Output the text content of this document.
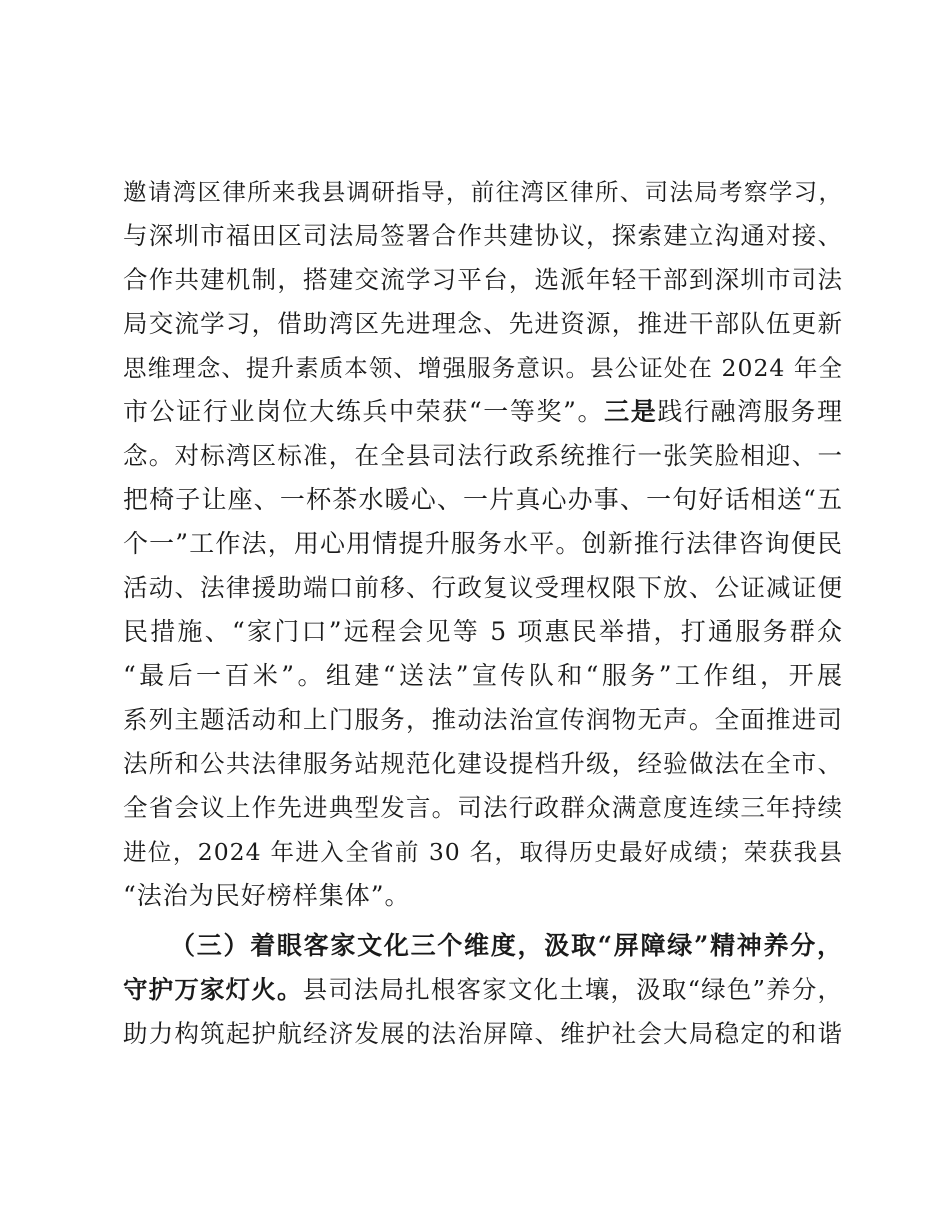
邀请湾区律所来我县调研指导，前往湾区律所、司法局考察学习，
与深圳市福田区司法局签署合作共建协议，探索建立沟通对接、
合作共建机制，搭建交流学习平台，选派年轻干部到深圳市司法
局交流学习，借助湾区先进理念、先进资源，推进干部队伍更新
思维理念、提升素质本领、增强服务意识。县公证处在 2024 年全
市公证行业岗位大练兵中荣获“一等奖”。三是践行融湾服务理
念。对标湾区标准，在全县司法行政系统推行一张笑脸相迎、一
把椅子让座、一杯茶水暖心、一片真心办事、一句好话相送“五
个一”工作法，用心用情提升服务水平。创新推行法律咨询便民
活动、法律援助端口前移、行政复议受理权限下放、公证减证便
民措施、“家门口”远程会见等 5 项惠民举措，打通服务群众
“最后一百米”。组建“送法”宣传队和“服务”工作组，开展
系列主题活动和上门服务，推动法治宣传润物无声。全面推进司
法所和公共法律服务站规范化建设提档升级，经验做法在全市、
全省会议上作先进典型发言。司法行政群众满意度连续三年持续
进位，2024 年进入全省前 30 名，取得历史最好成绩；荣获我县
“法治为民好榜样集体”。
（三）着眼客家文化三个维度，汲取“屏障绿”精神养分，
守护万家灯火。县司法局扎根客家文化土壤，汲取“绿色”养分，
助力构筑起护航经济发展的法治屏障、维护社会大局稳定的和谐
